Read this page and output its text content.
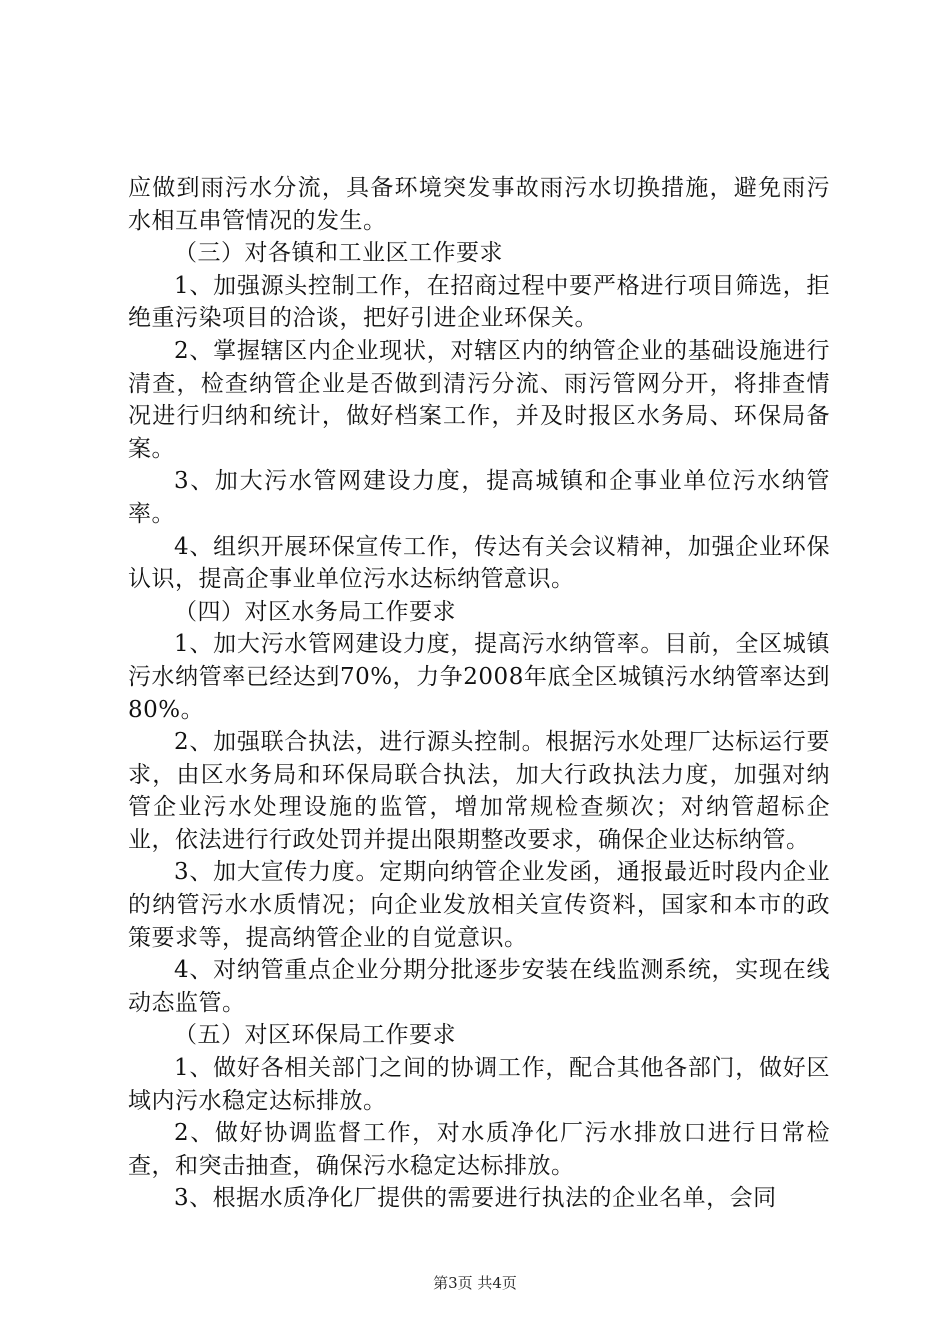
应做到雨污水分流，具备环境突发事故雨污水切换措施，避免雨污水相互串管情况的发生。

（三）对各镇和工业区工作要求

1、加强源头控制工作，在招商过程中要严格进行项目筛选，拒绝重污染项目的洽谈，把好引进企业环保关。

2、掌握辖区内企业现状，对辖区内的纳管企业的基础设施进行清查，检查纳管企业是否做到清污分流、雨污管网分开，将排查情况进行归纳和统计，做好档案工作，并及时报区水务局、环保局备案。

3、加大污水管网建设力度，提高城镇和企事业单位污水纳管率。

4、组织开展环保宣传工作，传达有关会议精神，加强企业环保认识，提高企事业单位污水达标纳管意识。

（四）对区水务局工作要求

1、加大污水管网建设力度，提高污水纳管率。目前，全区城镇污水纳管率已经达到70%，力争2008年底全区城镇污水纳管率达到80%。

2、加强联合执法，进行源头控制。根据污水处理厂达标运行要求，由区水务局和环保局联合执法，加大行政执法力度，加强对纳管企业污水处理设施的监管，增加常规检查频次；对纳管超标企业，依法进行行政处罚并提出限期整改要求，确保企业达标纳管。

3、加大宣传力度。定期向纳管企业发函，通报最近时段内企业的纳管污水水质情况；向企业发放相关宣传资料，国家和本市的政策要求等，提高纳管企业的自觉意识。

4、对纳管重点企业分期分批逐步安装在线监测系统，实现在线动态监管。

（五）对区环保局工作要求

1、做好各相关部门之间的协调工作，配合其他各部门，做好区域内污水稳定达标排放。

2、做好协调监督工作，对水质净化厂污水排放口进行日常检查，和突击抽查，确保污水稳定达标排放。

3、根据水质净化厂提供的需要进行执法的企业名单，会同

第3页 共4页
